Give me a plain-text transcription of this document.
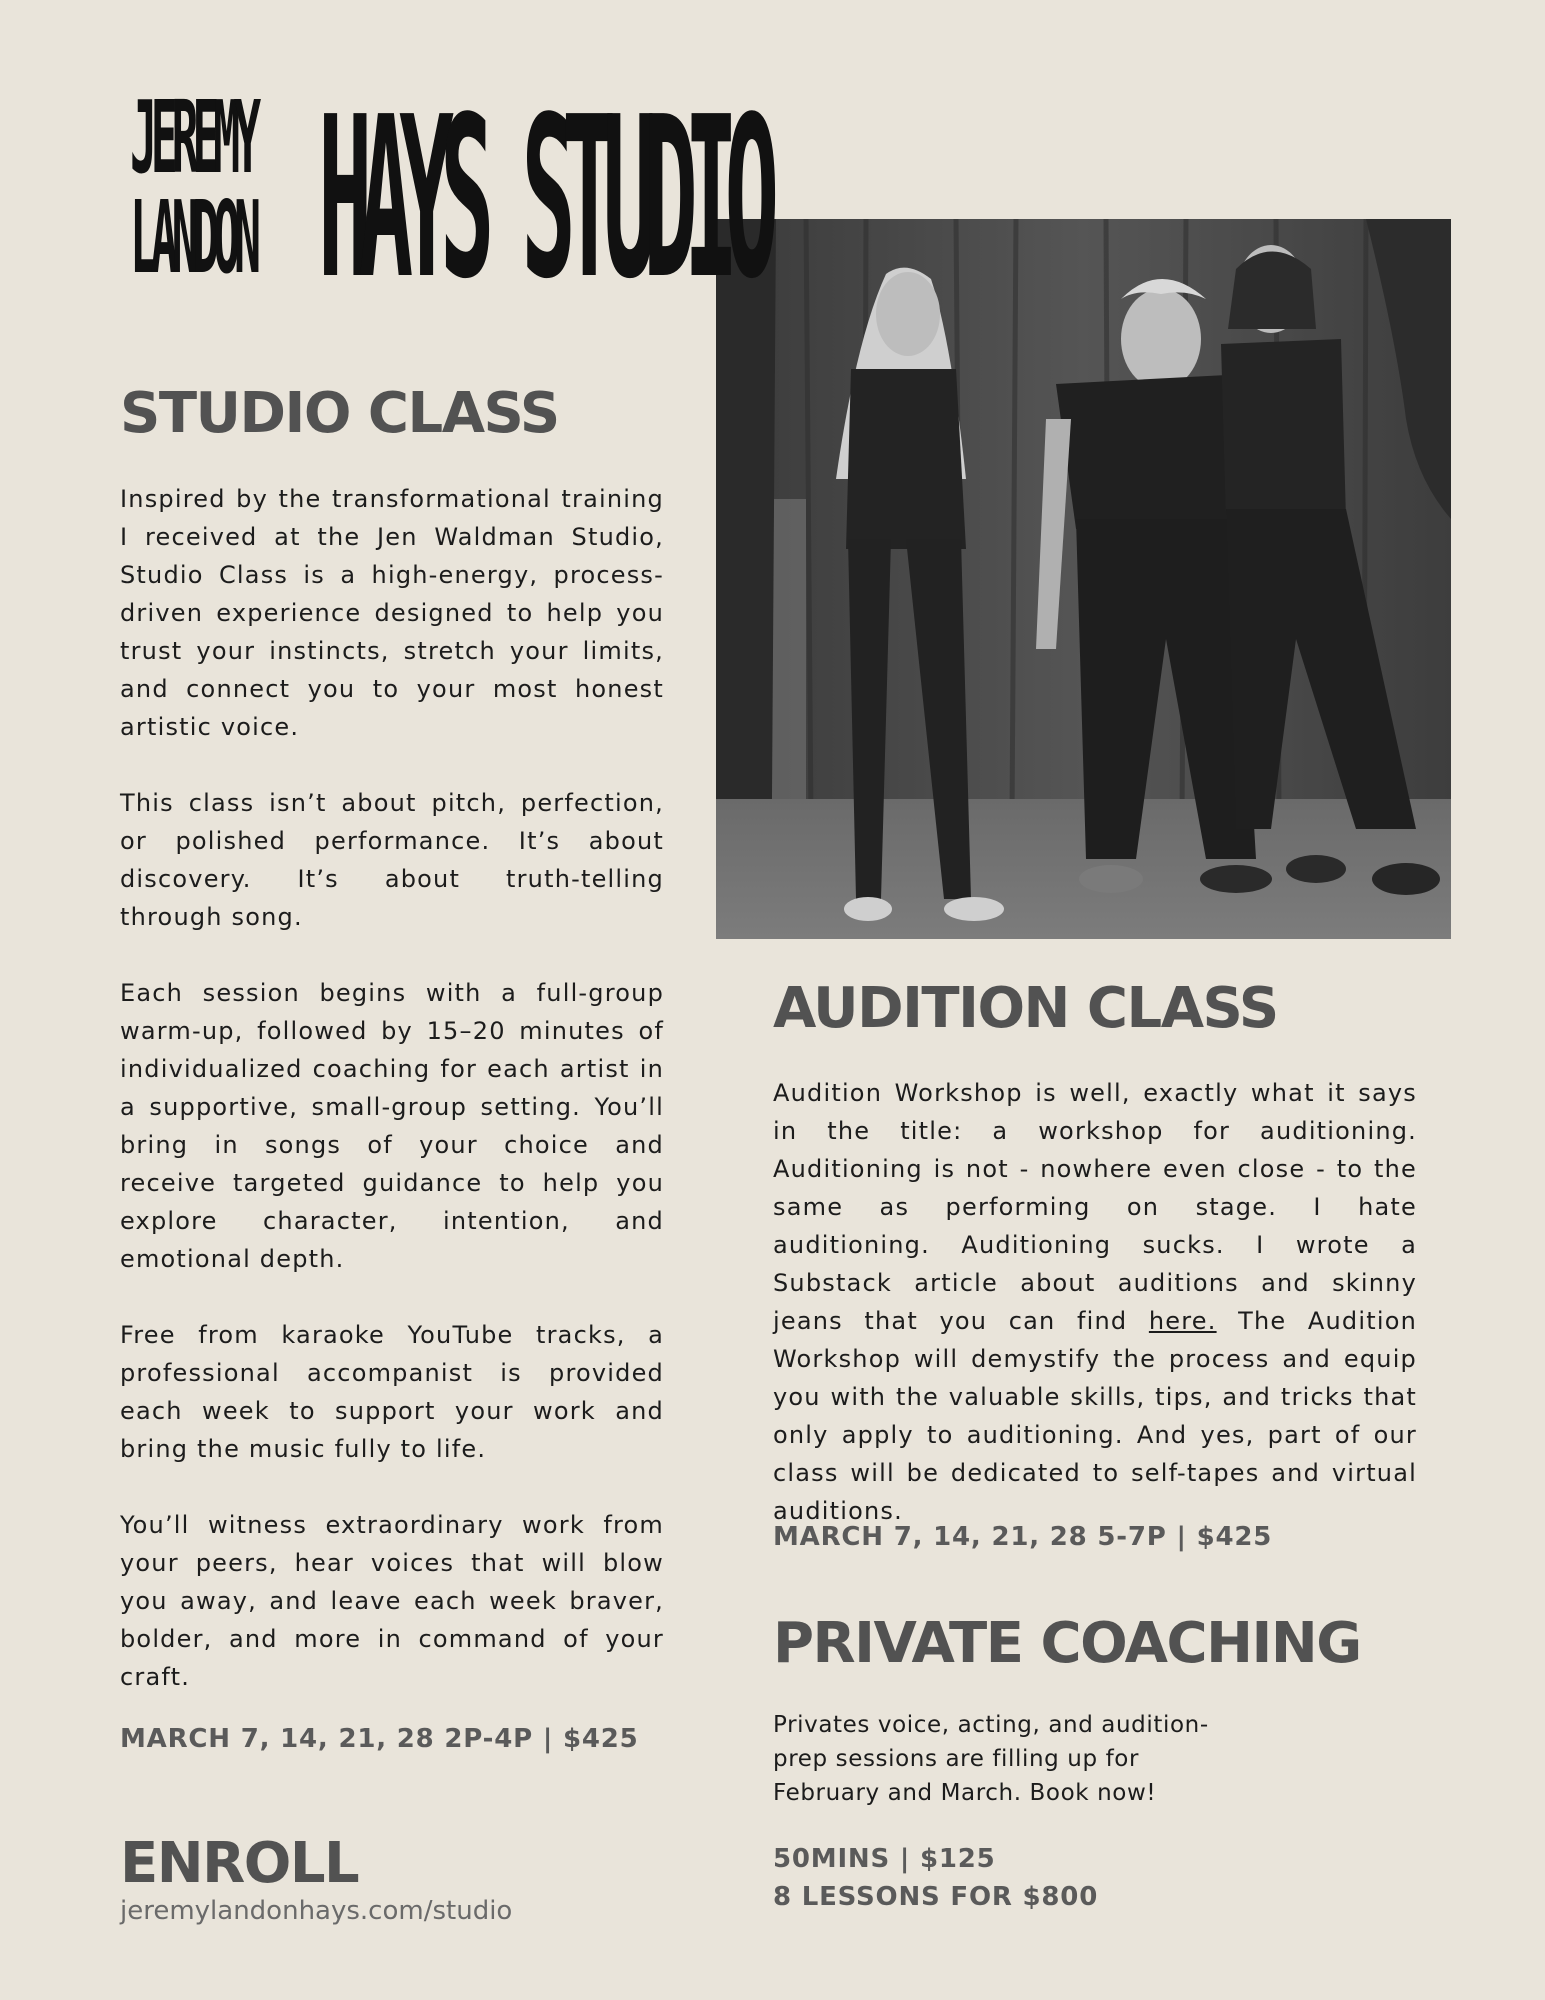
JEREMY

LANDON HAYS STUDIO

STUDIO CLASS

Inspired by the transformational training I received at the Jen Waldman Studio, Studio Class is a high-energy, process-driven experience designed to help you trust your instincts, stretch your limits, and connect you to your most honest artistic voice.

This class isn’t about pitch, perfection, or polished performance. It’s about discovery. It’s about truth-telling through song.

Each session begins with a full-group warm-up, followed by 15–20 minutes of individualized coaching for each artist in a supportive, small-group setting. You’ll bring in songs of your choice and receive targeted guidance to help you explore character, intention, and emotional depth.

Free from karaoke YouTube tracks, a professional accompanist is provided each week to support your work and bring the music fully to life.

You’ll witness extraordinary work from your peers, hear voices that will blow you away, and leave each week braver, bolder, and more in command of your craft.

MARCH 7, 14, 21, 28 2P-4P | $425

ENROLL

jeremylandonhays.com/studio

AUDITION CLASS

Audition Workshop is well, exactly what it says in the title: a workshop for auditioning. Auditioning is not - nowhere even close - to the same as performing on stage. I hate auditioning. Auditioning sucks. I wrote a Substack article about auditions and skinny jeans that you can find here. The Audition Workshop will demystify the process and equip you with the valuable skills, tips, and tricks that only apply to auditioning. And yes, part of our class will be dedicated to self-tapes and virtual auditions.

MARCH 7, 14, 21, 28 5-7P | $425

PRIVATE COACHING
Privates voice, acting, and audition-
prep sessions are filling up for
February and March. Book now!

50MINS | $125

8 LESSONS FOR $800
